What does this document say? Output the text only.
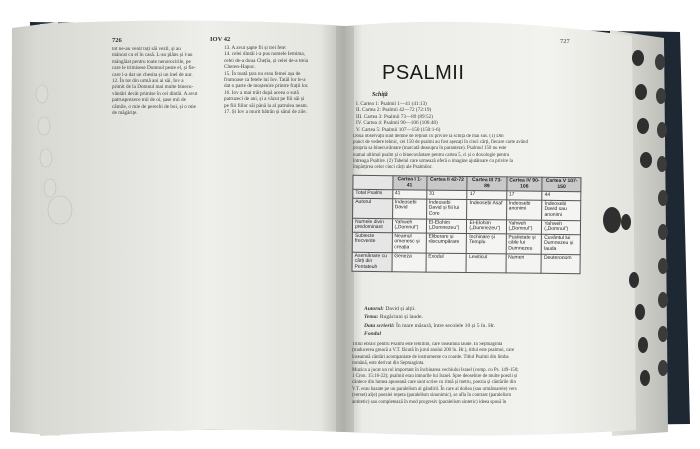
726	IOV 42
tot ne-au venit toți săi vezil, și au
mâncat cu el în casă. L-au plâns și l-au
mângâiat pentru toate nenorocirile, pe
care le trimisese Domnul peste el, și fie-
care i-a dat un chesita și un inel de aur.
12. În tot din urmă ani ai săi, Iov a
primit de la Domnul mai multe binecu-
vântări decât primise în cei dintâi. A avut
patrusprezece mii de oi, șase mii de
cămile, o mie de perechi de boi, și o mie
de măgărițe.
13. A avut șapte fii și trei fete:
14. celei dintâi i-a pus numele Iemima,
celei de-a doua Chețîa, și celei de-a treia
Cheren-Hapuc.
15. În toată țara nu erau femei așa de
frumoase ca fetele lui Iov. Tatăl lor le-a
dat o parte de moștenire printre frații lor.
16. Iov a mai trăit după aceea o sută
patruzeci de ani, și a văzut pe fiii săi și
pe fiii fiilor săi până la al patrulea neam.
17. Și Iov a murit bătrân și sătul de zile.
727
PSALMII
Schiță
I. Cartea 1: Psalmii 1—41 (41:13)
II. Cartea 2: Psalmii 42—72 (72:19)
III. Cartea 3: Psalmii 73—89 (89:52)
IV. Cartea 4: Psalmii 90—106 (106:48)
V. Cartea 5: Psalmii 107—150 (150:1-6)
Două observații sunt demne de reținut cu privire la schița de mai sus. (1) Din
punct de vedere tehnic, cei 150 de psalmi au fost așezați în cinci cărți, fiecare carte având
propria sa binecuvântare (marcată deasupra în paranteze). Psalmul 150 nu este
numai ultimul psalm și o binecuvântare pentru cartea 5, ci și o doxologie pentru
întreaga Psaltire. (2) Tabelul care urmează oferă o imagine ajutătoare cu privire la
împărțirea celor cinci cărți ale Psalmilor.
	Cartea I 1-41	Cartea II 42-72	Cartea III 73-89	Cartea IV 90-106	Cartea V 107-150
Total Psalmi	41	31	17	17	44
Autorul	Îndeosebi David	Îndeosebi David și fiii lui Core	Îndeosebi Asaf	Îndeosebi anonimi	Îndeosebi David sau anonimi
Numele divin predominant	Yahweh („Domnul”)	El-Elohim („Dumnezeu”)	El-Elohim („Dumnezeu”)	Yahweh („Domnul”)	Yahweh („Domnul”)
Subiecte frecvente	Neamul omenesc și creația	Eliberare și răscumpărare	Închinare și Templu	Pustietate și căile lui Dumnezeu	Cuvântul lui Dumnezeu și lauda
Asemănare cu cărți din Pentateuh	Geneza	Exodul	Leviticul	Numeri	Deuteronom
Autorul: David și alții.
Tema: Rugăciuni și laude.
Data scrierii: În mare măsură, între secolele 10 și 5 în. Hr.
Fondul
Titlul ebraic pentru Psalmi este tehillim, care înseamnă laude. În Septuaginta
(traducerea greacă a V.T. făcută în jurul anului 200 în. Hr.), titlul este psalmoi, care
înseamnă cântări acompaniate de instrumente cu coarde. Titlul Psalmi din limba
română, este derivat din Septuaginta.
Muzica a jucat un rol important în închinarea vechiului Israel (comp. cu Ps. 149-150;
1 Cron. 15:16-22); psalmii erau imnurile lui Israel. Spre deosebire de multe poezii și
cântece din lumea apuseană care sunt scrise cu rimă și metru, poezia și cântările din
V.T. erau bazate pe un paralelism al gândirii. În care al doilea (sau următoarele) vers
(verset) al(e) poeziei repeta (paralelism sinonimic), se afla în contrast (paralelism
antitetic) sau completează în mod progresiv (paralelism sintetic) ideea spusă în
